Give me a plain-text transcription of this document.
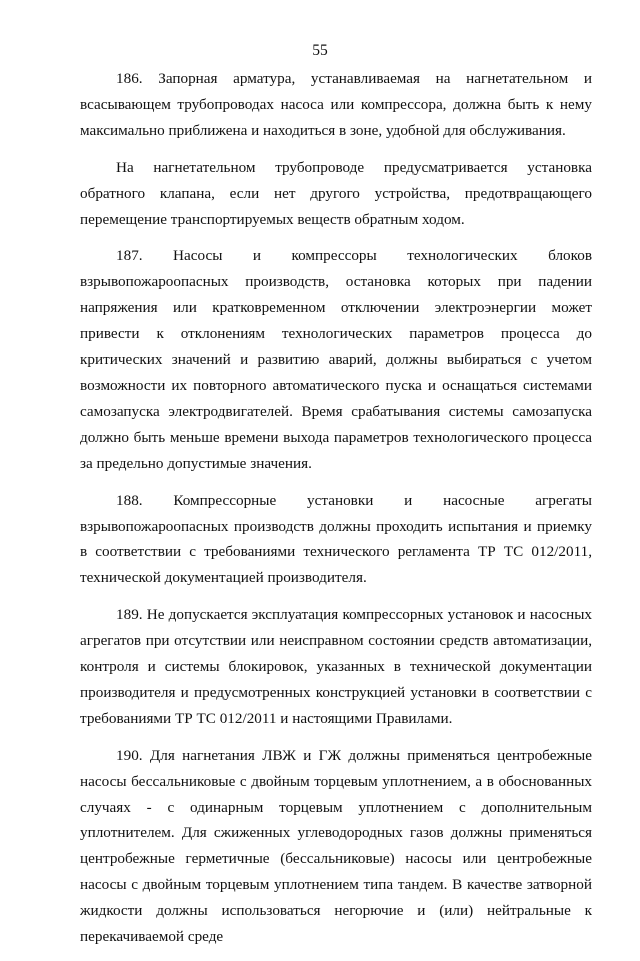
55

186. Запорная арматура, устанавливаемая на нагнетательном и всасывающем трубопроводах насоса или компрессора, должна быть к нему максимально приближена и находиться в зоне, удобной для обслуживания.

На нагнетательном трубопроводе предусматривается установка обратного клапана, если нет другого устройства, предотвращающего перемещение транспортируемых веществ обратным ходом.

187. Насосы и компрессоры технологических блоков взрывопожароопасных производств, остановка которых при падении напряжения или кратковременном отключении электроэнергии может привести к отклонениям технологических параметров процесса до критических значений и развитию аварий, должны выбираться с учетом возможности их повторного автоматического пуска и оснащаться системами самозапуска электродвигателей. Время срабатывания системы самозапуска должно быть меньше времени выхода параметров технологического процесса за предельно допустимые значения.

188. Компрессорные установки и насосные агрегаты взрывопожароопасных производств должны проходить испытания и приемку в соответствии с требованиями технического регламента ТР ТС 012/2011, технической документацией производителя.

189. Не допускается эксплуатация компрессорных установок и насосных агрегатов при отсутствии или неисправном состоянии средств автоматизации, контроля и системы блокировок, указанных в технической документации производителя и предусмотренных конструкцией установки в соответствии с требованиями ТР ТС 012/2011 и настоящими Правилами.

190. Для нагнетания ЛВЖ и ГЖ должны применяться центробежные насосы бессальниковые с двойным торцевым уплотнением, а в обоснованных случаях - с одинарным торцевым уплотнением с дополнительным уплотнителем. Для сжиженных углеводородных газов должны применяться центробежные герметичные (бессальниковые) насосы или центробежные насосы с двойным торцевым уплотнением типа тандем. В качестве затворной жидкости должны использоваться негорючие и (или) нейтральные к перекачиваемой среде
